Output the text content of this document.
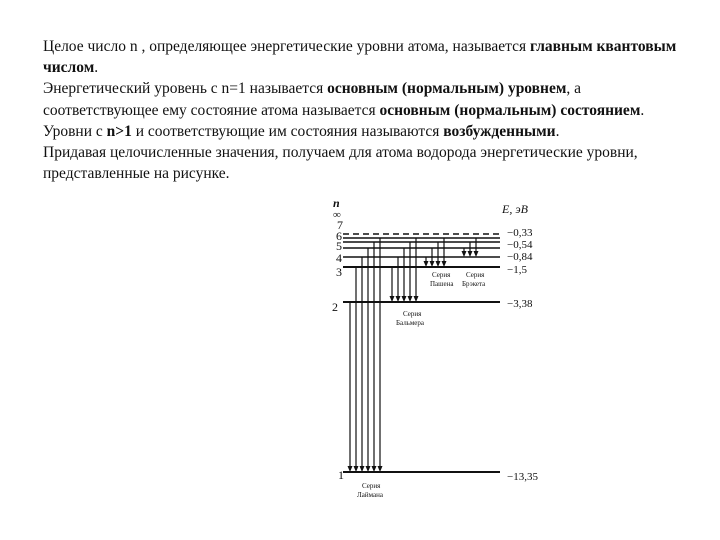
Целое число n , определяющее энергетические уровни атома, называется главным квантовым числом.

Энергетический уровень с n=1 называется основным (нормальным) уровнем, а соответствующее ему состояние атома называется основным (нормальным) состоянием.

Уровни с n>1 и соответствующие им состояния называются возбужденными.

Придавая целочисленные значения, получаем для атома водорода энергетические уровни, представленные на рисунке.

n
∞	E, эВ
7
6
5
4
3
2
1
−0,33
−0,54
−0,84
−1,5
−3,38
−13,35
Серия
Пашена
Серия
Брэкета
Серия
Бальмера
Серия
Лаймана
